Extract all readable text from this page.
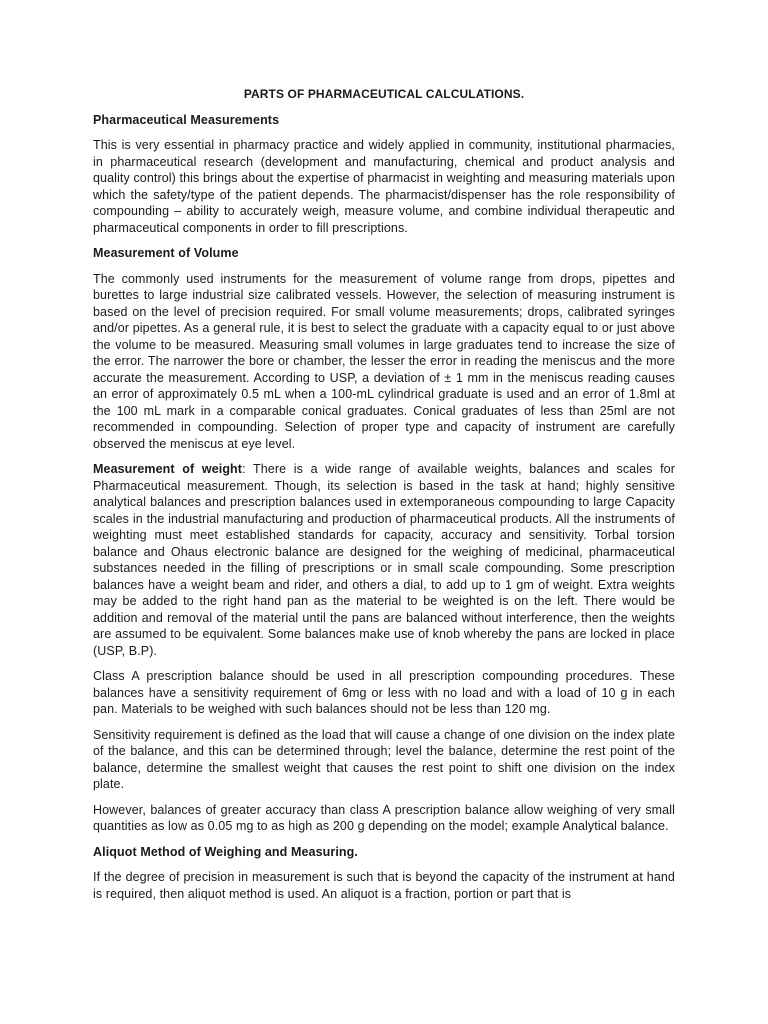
PARTS OF PHARMACEUTICAL CALCULATIONS.

Pharmaceutical Measurements

This is very essential in pharmacy practice and widely applied in community, institutional pharmacies, in pharmaceutical research (development and manufacturing, chemical and product analysis and quality control) this brings about the expertise of pharmacist in weighting and measuring materials upon which the safety/type of the patient depends. The pharmacist/dispenser has the role responsibility of compounding – ability to accurately weigh, measure volume, and combine individual therapeutic and pharmaceutical components in order to fill prescriptions.

Measurement of Volume

The commonly used instruments for the measurement of volume range from drops, pipettes and burettes to large industrial size calibrated vessels. However, the selection of measuring instrument is based on the level of precision required. For small volume measurements; drops, calibrated syringes and/or pipettes. As a general rule, it is best to select the graduate with a capacity equal to or just above the volume to be measured. Measuring small volumes in large graduates tend to increase the size of the error. The narrower the bore or chamber, the lesser the error in reading the meniscus and the more accurate the measurement. According to USP, a deviation of ± 1 mm in the meniscus reading causes an error of approximately 0.5 mL when a 100-mL cylindrical graduate is used and an error of 1.8ml at the 100 mL mark in a comparable conical graduates. Conical graduates of less than 25ml are not recommended in compounding. Selection of proper type and capacity of instrument are carefully observed the meniscus at eye level.

Measurement of weight: There is a wide range of available weights, balances and scales for Pharmaceutical measurement. Though, its selection is based in the task at hand; highly sensitive analytical balances and prescription balances used in extemporaneous compounding to large Capacity scales in the industrial manufacturing and production of pharmaceutical products. All the instruments of weighting must meet established standards for capacity, accuracy and sensitivity. Torbal torsion balance and Ohaus electronic balance are designed for the weighing of medicinal, pharmaceutical substances needed in the filling of prescriptions or in small scale compounding. Some prescription balances have a weight beam and rider, and others a dial, to add up to 1 gm of weight. Extra weights may be added to the right hand pan as the material to be weighted is on the left. There would be addition and removal of the material until the pans are balanced without interference, then the weights are assumed to be equivalent. Some balances make use of knob whereby the pans are locked in place (USP, B.P).

Class A prescription balance should be used in all prescription compounding procedures. These balances have a sensitivity requirement of 6mg or less with no load and with a load of 10 g in each pan. Materials to be weighed with such balances should not be less than 120 mg.

Sensitivity requirement is defined as the load that will cause a change of one division on the index plate of the balance, and this can be determined through; level the balance, determine the rest point of the balance, determine the smallest weight that causes the rest point to shift one division on the index plate.

However, balances of greater accuracy than class A prescription balance allow weighing of very small quantities as low as 0.05 mg to as high as 200 g depending on the model; example Analytical balance.

Aliquot Method of Weighing and Measuring.

If the degree of precision in measurement is such that is beyond the capacity of the instrument at hand is required, then aliquot method is used. An aliquot is a fraction, portion or part that is
